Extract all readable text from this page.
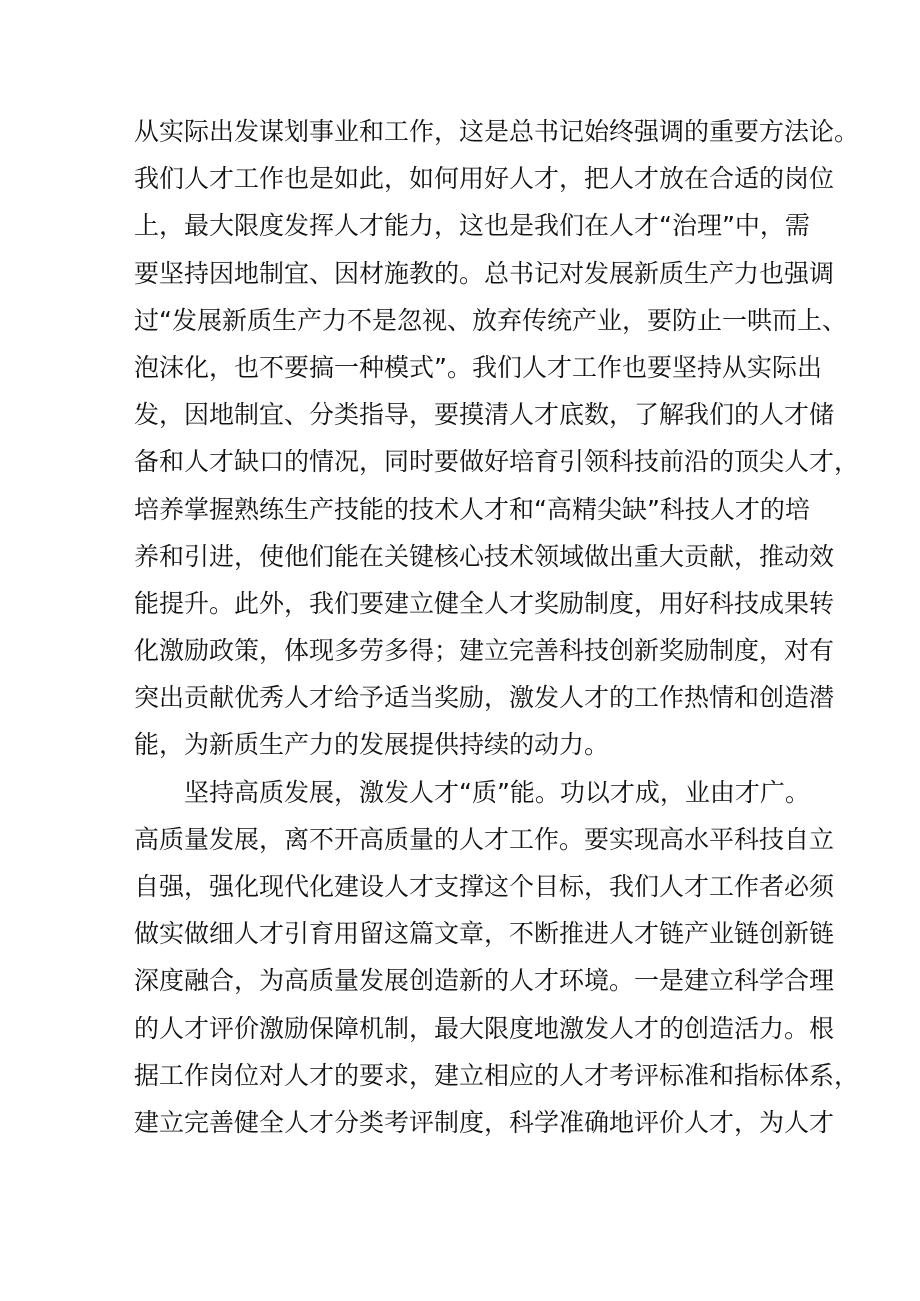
从实际出发谋划事业和工作，这是总书记始终强调的重要方法论。
我们人才工作也是如此，如何用好人才，把人才放在合适的岗位
上，最大限度发挥人才能力，这也是我们在人才“治理”中，需
要坚持因地制宜、因材施教的。总书记对发展新质生产力也强调
过“发展新质生产力不是忽视、放弃传统产业，要防止一哄而上、
泡沫化，也不要搞一种模式”。我们人才工作也要坚持从实际出
发，因地制宜、分类指导，要摸清人才底数，了解我们的人才储
备和人才缺口的情况，同时要做好培育引领科技前沿的顶尖人才，
培养掌握熟练生产技能的技术人才和“高精尖缺”科技人才的培
养和引进，使他们能在关键核心技术领域做出重大贡献，推动效
能提升。此外，我们要建立健全人才奖励制度，用好科技成果转
化激励政策，体现多劳多得；建立完善科技创新奖励制度，对有
突出贡献优秀人才给予适当奖励，激发人才的工作热情和创造潜
能，为新质生产力的发展提供持续的动力。
坚持高质发展，激发人才“质”能。功以才成，业由才广。
高质量发展，离不开高质量的人才工作。要实现高水平科技自立
自强，强化现代化建设人才支撑这个目标，我们人才工作者必须
做实做细人才引育用留这篇文章，不断推进人才链产业链创新链
深度融合，为高质量发展创造新的人才环境。一是建立科学合理
的人才评价激励保障机制，最大限度地激发人才的创造活力。根
据工作岗位对人才的要求，建立相应的人才考评标准和指标体系，
建立完善健全人才分类考评制度，科学准确地评价人才，为人才
